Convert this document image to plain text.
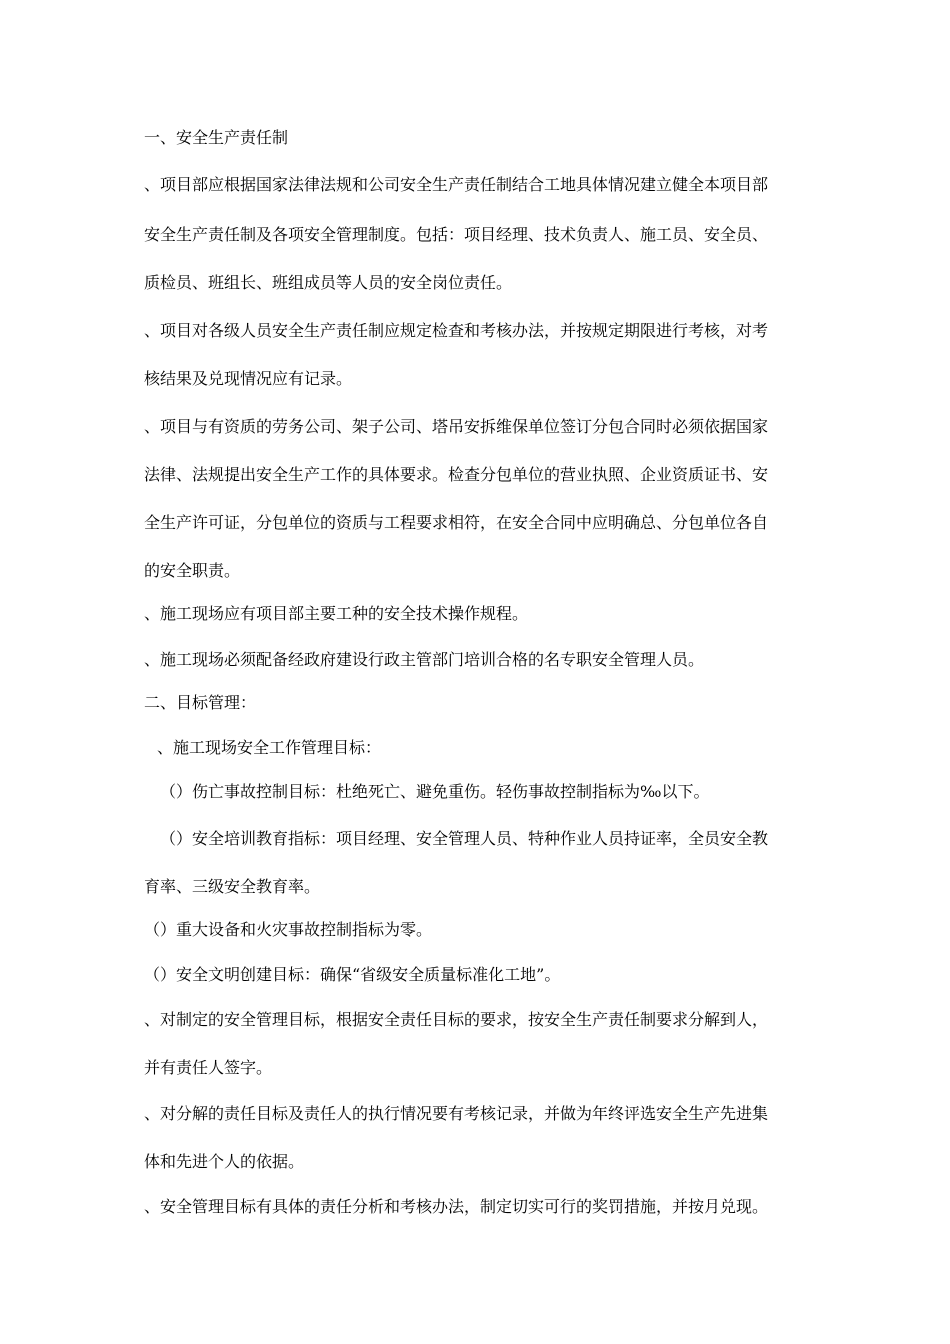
一、安全生产责任制
、项目部应根据国家法律法规和公司安全生产责任制结合工地具体情况建立健全本项目部
安全生产责任制及各项安全管理制度。包括：项目经理、技术负责人、施工员、安全员、
质检员、班组长、班组成员等人员的安全岗位责任。
、项目对各级人员安全生产责任制应规定检查和考核办法，并按规定期限进行考核，对考
核结果及兑现情况应有记录。
、项目与有资质的劳务公司、架子公司、塔吊安拆维保单位签订分包合同时必须依据国家
法律、法规提出安全生产工作的具体要求。检查分包单位的营业执照、企业资质证书、安
全生产许可证，分包单位的资质与工程要求相符，在安全合同中应明确总、分包单位各自
的安全职责。
、施工现场应有项目部主要工种的安全技术操作规程。
、施工现场必须配备经政府建设行政主管部门培训合格的名专职安全管理人员。
二、目标管理：
、施工现场安全工作管理目标：
（）伤亡事故控制目标：杜绝死亡、避免重伤。轻伤事故控制指标为‰以下。
（）安全培训教育指标：项目经理、安全管理人员、特种作业人员持证率，全员安全教
育率、三级安全教育率。
（）重大设备和火灾事故控制指标为零。
（）安全文明创建目标：确保“省级安全质量标准化工地”。
、对制定的安全管理目标，根据安全责任目标的要求，按安全生产责任制要求分解到人，
并有责任人签字。
、对分解的责任目标及责任人的执行情况要有考核记录，并做为年终评选安全生产先进集
体和先进个人的依据。
、安全管理目标有具体的责任分析和考核办法，制定切实可行的奖罚措施，并按月兑现。
